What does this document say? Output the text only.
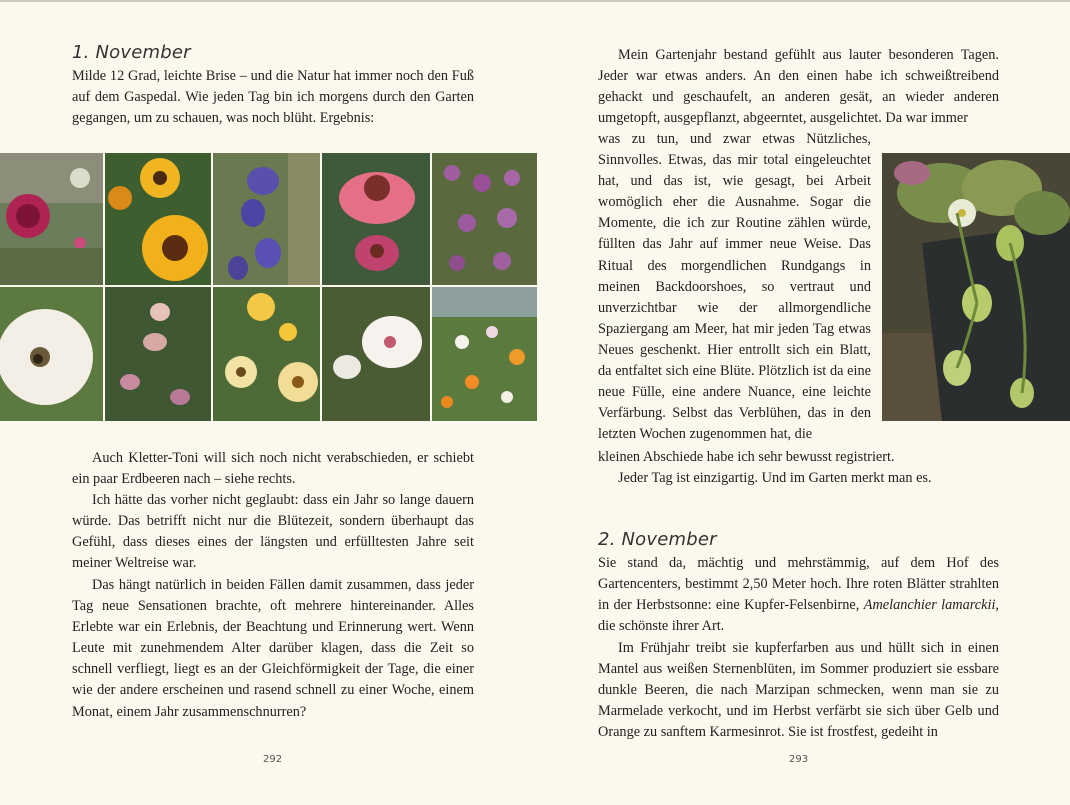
1. November

Milde 12 Grad, leichte Brise – und die Natur hat immer noch den Fuß auf dem Gaspedal. Wie jeden Tag bin ich morgens durch den Garten gegangen, um zu schauen, was noch blüht. Ergebnis:

Auch Kletter-Toni will sich noch nicht verabschieden, er schiebt ein paar Erdbeeren nach – siehe rechts.

Ich hätte das vorher nicht geglaubt: dass ein Jahr so lange dauern würde. Das betrifft nicht nur die Blütezeit, sondern überhaupt das Gefühl, dass dieses eines der längsten und erfülltesten Jahre seit meiner Weltreise war.

Das hängt natürlich in beiden Fällen damit zusammen, dass jeder Tag neue Sensationen brachte, oft mehrere hintereinander. Alles Erlebte war ein Erlebnis, der Beachtung und Erinnerung wert. Wenn Leute mit zunehmendem Alter darüber klagen, dass die Zeit so schnell verfliegt, liegt es an der Gleichförmigkeit der Tage, die einer wie der andere erscheinen und rasend schnell zu einer Woche, einem Monat, einem Jahr zusammenschnurren?

292

Mein Gartenjahr bestand gefühlt aus lauter besonderen Tagen. Jeder war etwas anders. An den einen habe ich schweißtreibend gehackt und geschaufelt, an anderen gesät, an wieder anderen umgetopft, ausgepflanzt, abgeerntet, ausgelichtet. Da war immer

was zu tun, und zwar etwas Nützliches, Sinnvolles. Etwas, das mir total eingeleuchtet hat, und das ist, wie gesagt, bei Arbeit womöglich eher die Ausnahme. Sogar die Momente, die ich zur Routine zählen würde, füllten das Jahr auf immer neue Weise. Das Ritual des morgendlichen Rundgangs in meinen Backdoorshoes, so vertraut und unverzichtbar wie der allmorgendliche Spaziergang am Meer, hat mir jeden Tag etwas Neues geschenkt. Hier entrollt sich ein Blatt, da entfaltet sich eine Blüte. Plötzlich ist da eine neue Fülle, eine andere Nuance, eine leichte Verfärbung. Selbst das Verblühen, das in den letzten Wochen zugenommen hat, die

kleinen Abschiede habe ich sehr bewusst registriert.

Jeder Tag ist einzigartig. Und im Garten merkt man es.

2. November

Sie stand da, mächtig und mehrstämmig, auf dem Hof des Gartencenters, bestimmt 2,50 Meter hoch. Ihre roten Blätter strahlten in der Herbstsonne: eine Kupfer-Felsenbirne, Amelanchier lamarckii, die schönste ihrer Art.

Im Frühjahr treibt sie kupferfarben aus und hüllt sich in einen Mantel aus weißen Sternenblüten, im Sommer produziert sie essbare dunkle Beeren, die nach Marzipan schmecken, wenn man sie zu Marmelade verkocht, und im Herbst verfärbt sie sich über Gelb und Orange zu sanftem Karmesinrot. Sie ist frostfest, gedeiht in

293
